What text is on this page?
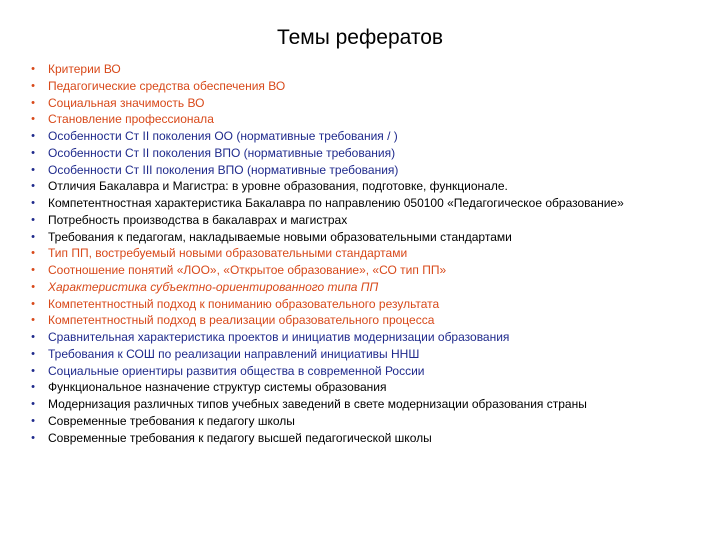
Темы рефератов
•	Критерии ВО
•	Педагогические средства обеспечения ВО
•	Социальная значимость ВО
•	Становление профессионала
•	Особенности Ст II поколения ОО (нормативные требования / )
•	Особенности Ст II поколения ВПО (нормативные требования)
•	Особенности Ст III поколения ВПО (нормативные требования)
•	Отличия Бакалавра и Магистра: в уровне образования, подготовке, функционале.
•	Компетентностная характеристика Бакалавра по направлению 050100 «Педагогическое образование»
•	Потребность производства в бакалаврах и магистрах
•	Требования к педагогам, накладываемые новыми образовательными стандартами
•	Тип ПП, востребуемый новыми образовательными стандартами
•	Соотношение понятий «ЛОО», «Открытое образование», «СО тип ПП»
•	Характеристика субъектно-ориентированного типа ПП
•	Компетентностный подход к пониманию образовательного результата
•	Компетентностный подход в реализации образовательного процесса
•	Сравнительная характеристика проектов и инициатив модернизации образования
•	Требования к СОШ по реализации направлений инициативы ННШ
•	Социальные ориентиры развития общества в современной России
•	Функциональное назначение структур системы образования
•	Модернизация различных типов учебных заведений в свете модернизации образования страны
•	Современные требования к педагогу школы
•	Современные требования к педагогу высшей педагогической школы
